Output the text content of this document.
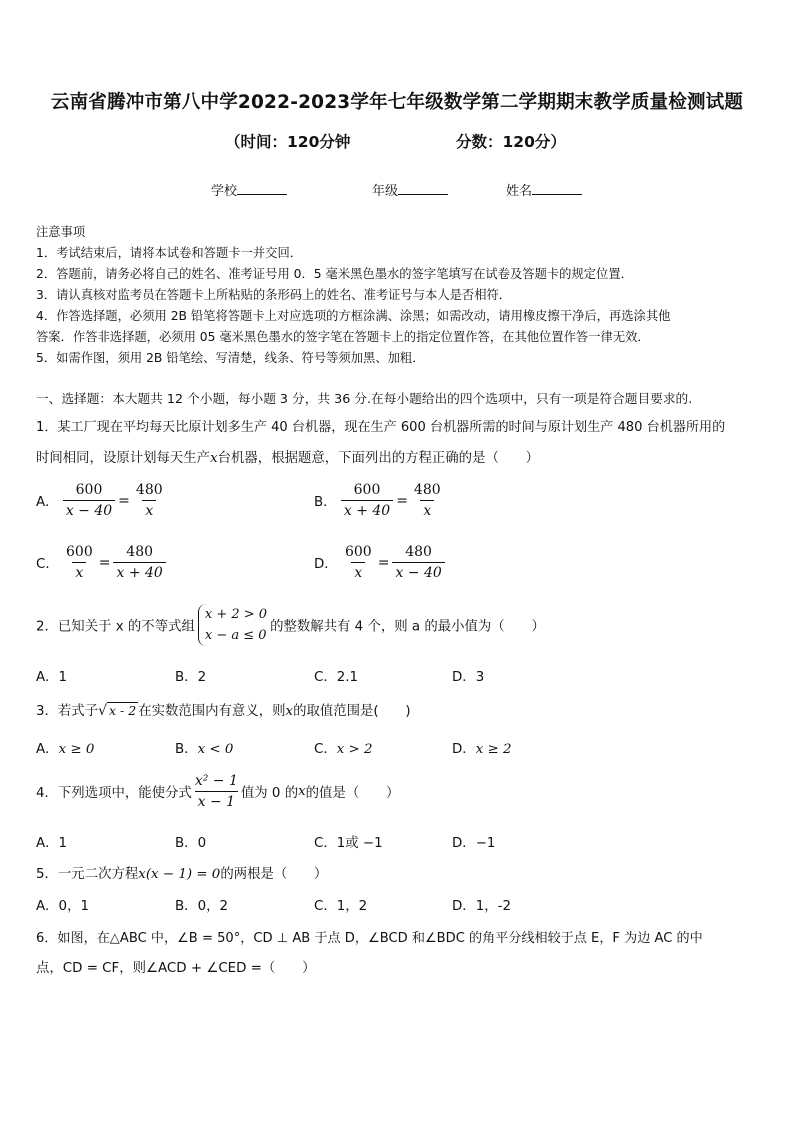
云南省腾冲市第八中学2022-2023学年七年级数学第二学期期末教学质量检测试题
（时间：120分钟	分数：120分）
学校	年级	姓名
注意事项
1．考试结束后，请将本试卷和答题卡一并交回．
2．答题前，请务必将自己的姓名、准考证号用 0．5 毫米黑色墨水的签字笔填写在试卷及答题卡的规定位置．
3．请认真核对监考员在答题卡上所粘贴的条形码上的姓名、准考证号与本人是否相符．
4．作答选择题，必须用 2B 铅笔将答题卡上对应选项的方框涂满、涂黑；如需改动，请用橡皮擦干净后，再选涂其他
答案．作答非选择题，必须用 05 毫米黑色墨水的签字笔在答题卡上的指定位置作答，在其他位置作答一律无效．
5．如需作图，须用 2B 铅笔绘、写清楚，线条、符号等须加黑、加粗．
一、选择题：本大题共 12 个小题，每小题 3 分，共 36 分.在每小题给出的四个选项中，只有一项是符合题目要求的.
1．某工厂现在平均每天比原计划多生产 40 台机器，现在生产 600 台机器所需的时间与原计划生产 480 台机器所用的
时间相同，设原计划每天生产x台机器，根据题意，下面列出的方程正确的是（　　）
A． $\frac{600}{x - 40} = \frac{480}{x}$	B． $\frac{600}{x + 40} = \frac{480}{x}$
C． $\frac{600}{x} = \frac{480}{x + 40}$	D． $\frac{600}{x} = \frac{480}{x - 40}$
2．已知关于 x 的不等式组x + 2 > 0
x − a ≤ 0的整数解共有 4 个，则 a 的最小值为（　　）
A．1	B．2	C．2.1	D．3
3．若式子√ x - 2 在实数范围内有意义，则x的取值范围是(　　)
A．x ≥ 0	B．x < 0	C．x > 2	D．x ≥ 2
4．下列选项中，能使分式 $\frac{\text{x² − 1}}{x - 1}$ 值为 0 的x的值是（　　）
A．1	B．0	C．1或 −1	D．−1
5．一元二次方程x(x − 1) = 0的两根是（　　）
A．0，1	B．0，2	C．1，2	D．1，-2
6．如图，在△ABC 中，∠B = 50°，CD ⊥ AB 于点 D，∠BCD 和∠BDC 的角平分线相较于点 E，F 为边 AC 的中
点，CD = CF，则∠ACD + ∠CED =（　　）
